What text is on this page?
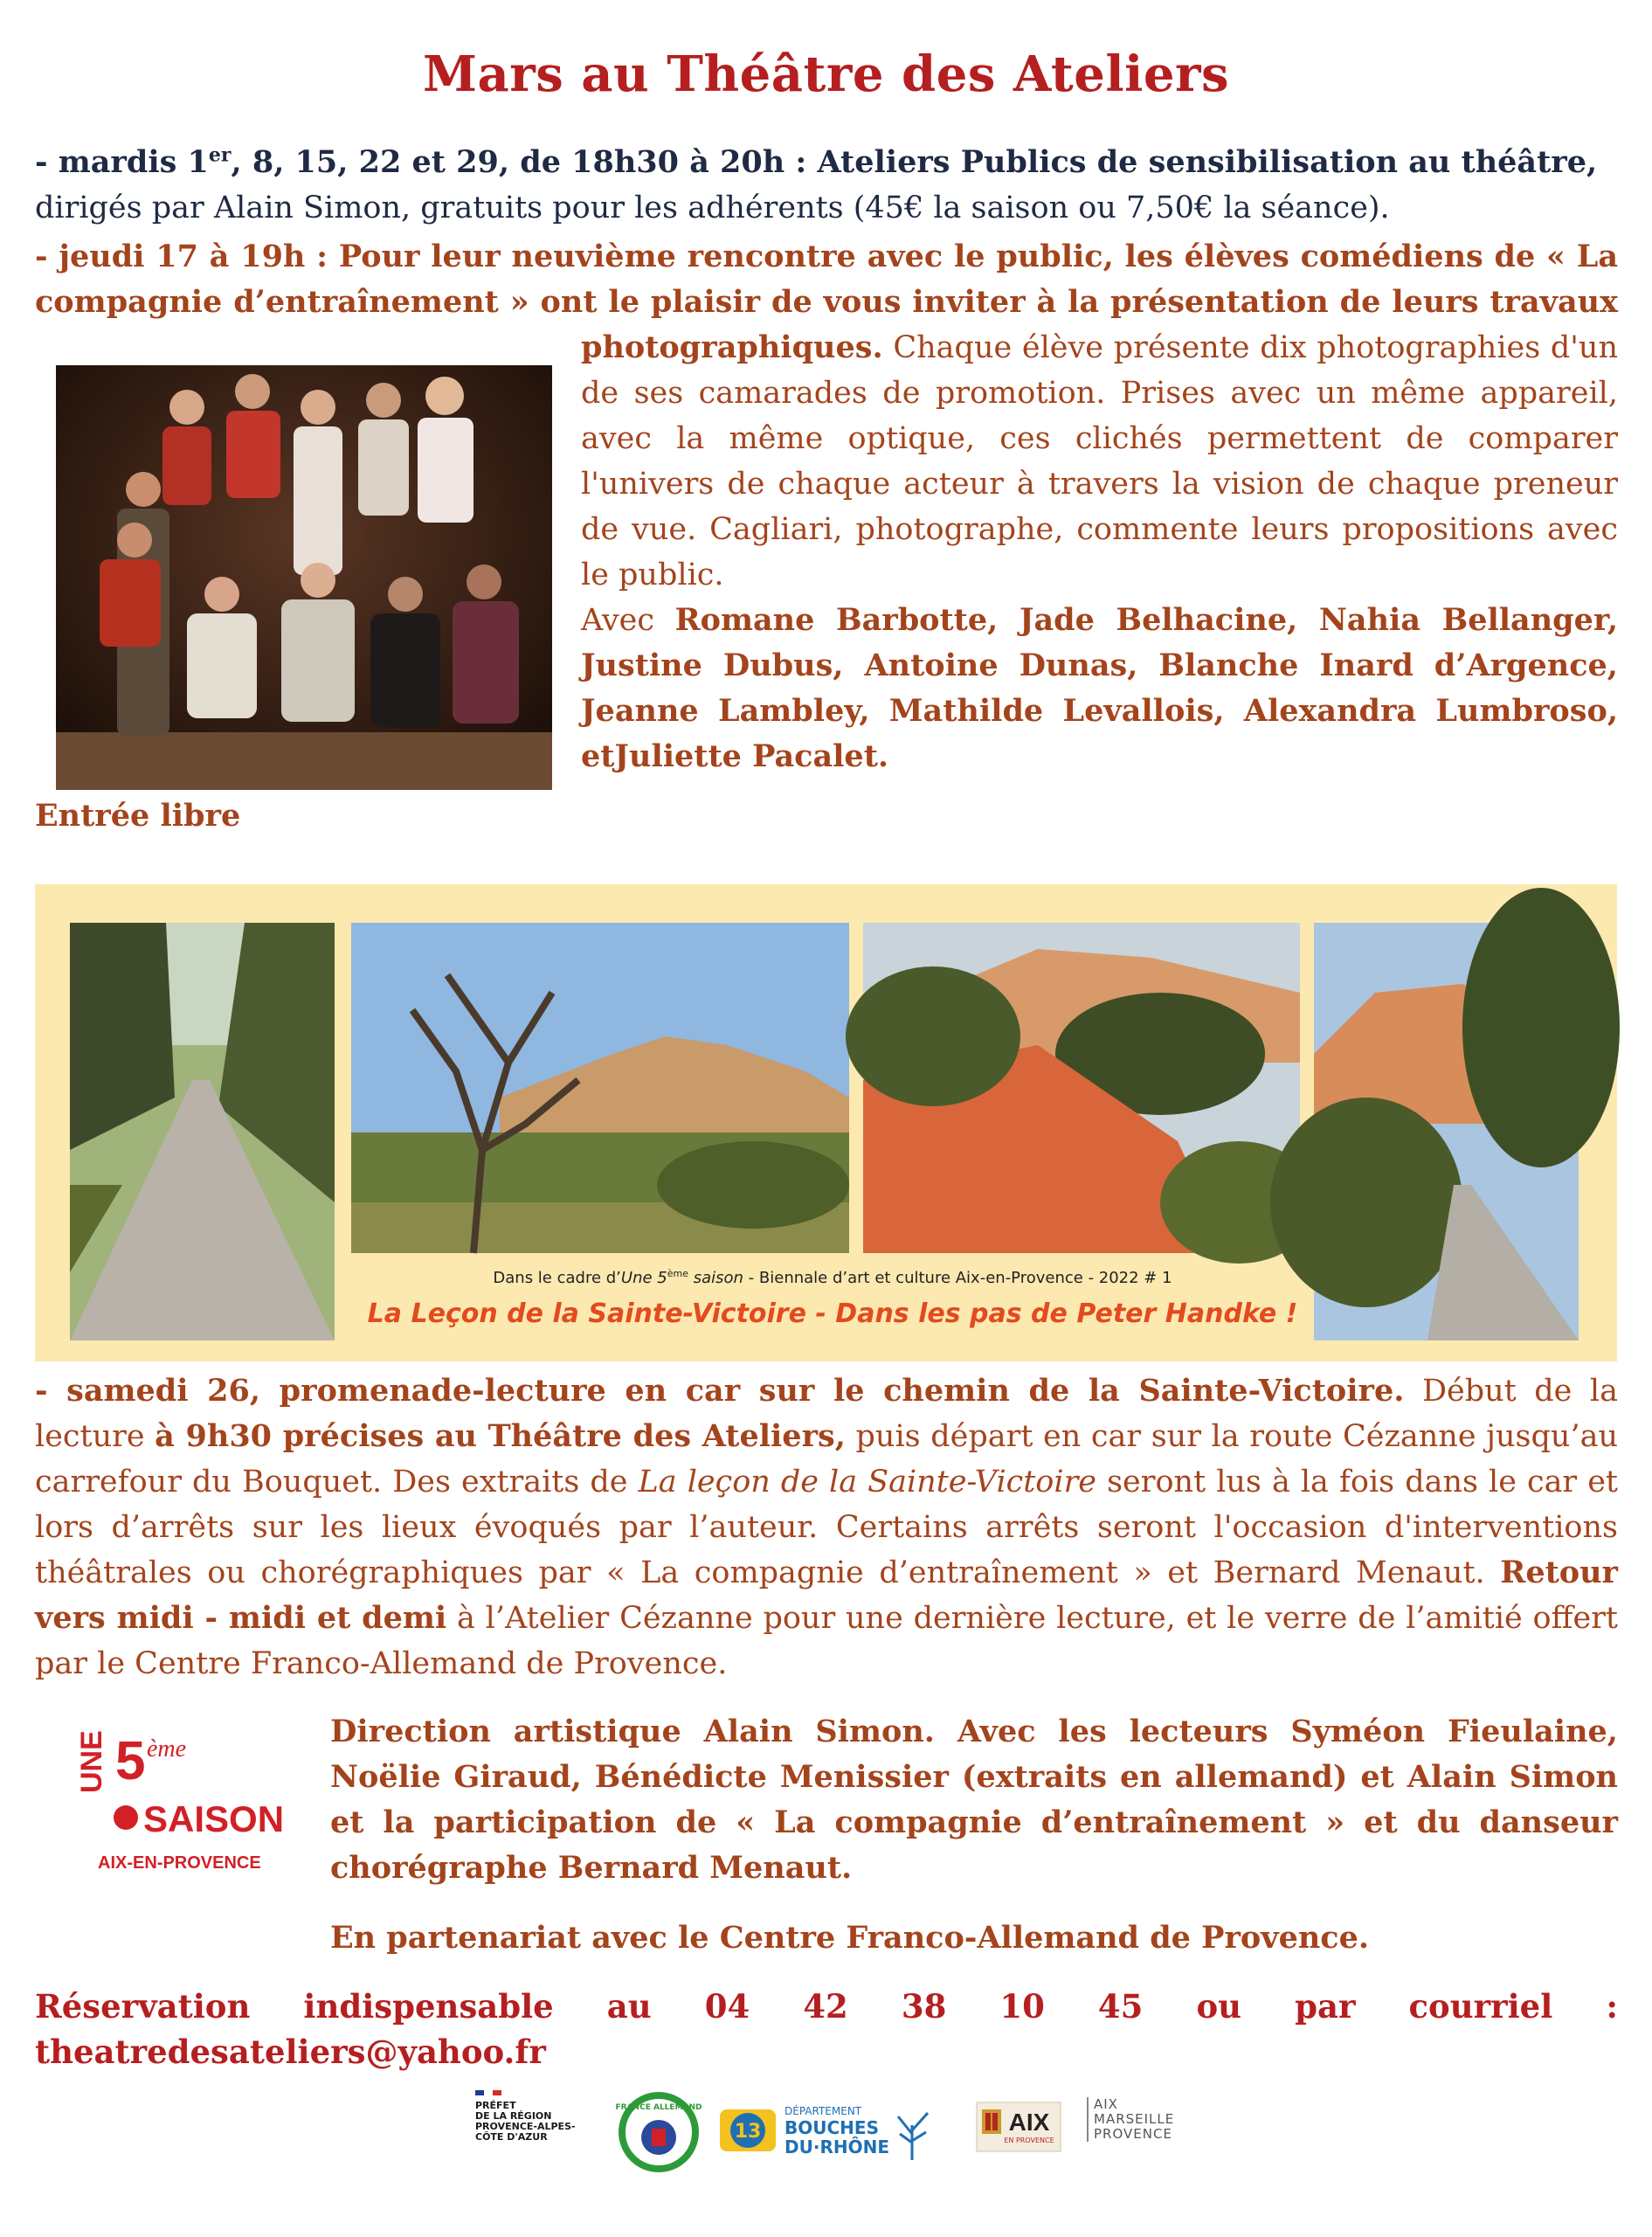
Mars au Théâtre des Ateliers
- mardis 1er, 8, 15, 22 et 29, de 18h30 à 20h : Ateliers Publics de sensibilisation au théâtre,
dirigés par Alain Simon, gratuits pour les adhérents (45€ la saison ou 7,50€ la séance).
- jeudi 17 à 19h : Pour leur neuvième rencontre avec le public, les élèves comédiens de « La
compagnie d’entraînement » ont le plaisir de vous inviter à la présentation de leurs travaux
photographiques. Chaque élève présente dix photographies d'un de ses camarades de promotion. Prises avec un même appareil, avec la même optique, ces clichés permettent de comparer l'univers de chaque acteur à travers la vision de chaque preneur de vue. Cagliari, photographe, commente leurs propositions avec le public.
Avec Romane Barbotte, Jade Belhacine, Nahia Bellanger, Justine Dubus, Antoine Dunas, Blanche Inard d’Argence, Jeanne Lambley, Mathilde Levallois, Alexandra Lumbroso, etJuliette Pacalet.
Entrée libre
Dans le cadre d’Une 5ème saison - Biennale d’art et culture Aix-en-Provence - 2022 # 1
La Leçon de la Sainte-Victoire - Dans les pas de Peter Handke !
- samedi 26, promenade-lecture en car sur le chemin de la Sainte-Victoire. Début de la lecture à 9h30 précises au Théâtre des Ateliers, puis départ en car sur la route Cézanne jusqu’au carrefour du Bouquet. Des extraits de La leçon de la Sainte-Victoire seront lus à la fois dans le car et lors d’arrêts sur les lieux évoqués par l’auteur. Certains arrêts seront l'occasion d'interventions théâtrales ou chorégraphiques par « La compagnie d’entraînement » et Bernard Menaut. Retour vers midi - midi et demi à l’Atelier Cézanne pour une dernière lecture, et le verre de l’amitié offert par le Centre Franco-Allemand de Provence.
UNE 5 ème
SAISON
AIX-EN-PROVENCE
Direction artistique Alain Simon. Avec les lecteurs Syméon Fieulaine, Noëlie Giraud, Bénédicte Menissier (extraits en allemand) et Alain Simon et la participation de « La compagnie d’entraînement » et du danseur chorégraphe Bernard Menaut.
En partenariat avec le Centre Franco-Allemand de Provence.
Réservation indispensable au 04 42 38 10 45 ou par courriel : theatredesateliers@yahoo.fr
PRÉFET
DE LA RÉGION
PROVENCE-ALPES-
CÔTE D'AZUR
FRANCE ALLEMAND
13
DÉPARTEMENT
BOUCHES
DU·RHÔNE
AIX
EN PROVENCE
AIX
MARSEILLE
PROVENCE
